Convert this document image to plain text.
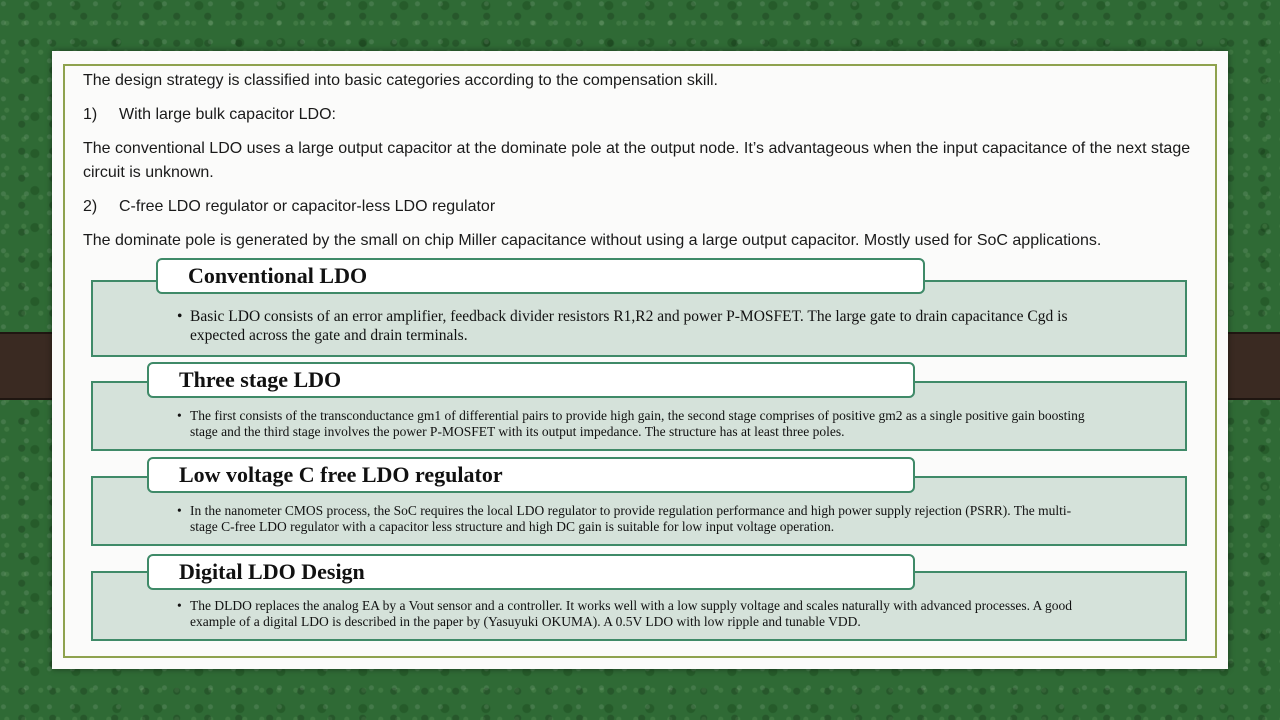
The design strategy is classified into basic categories according to the compensation skill.

1) With large bulk capacitor LDO:

The conventional LDO uses a large output capacitor at the dominate pole at the output node. It’s advantageous when the input capacitance of the next stage circuit is unknown.

2) C-free LDO regulator or capacitor-less LDO regulator

The dominate pole is generated by the small on chip Miller capacitance without using a large output capacitor. Mostly used for SoC applications.

• Basic LDO consists of an error amplifier, feedback divider resistors R1,R2 and power P-MOSFET. The large gate to drain capacitance Cgd is expected across the gate and drain terminals.
Conventional LDO
• The first consists of the transconductance gm1 of differential pairs to provide high gain, the second stage comprises of positive gm2 as a single positive gain boosting stage and the third stage involves the power P-MOSFET with its output impedance. The structure has at least three poles.
Three stage LDO
• In the nanometer CMOS process, the SoC requires the local LDO regulator to provide regulation performance and high power supply rejection (PSRR). The multi-stage C-free LDO regulator with a capacitor less structure and high DC gain is suitable for low input voltage operation.
Low voltage C free LDO regulator
• The DLDO replaces the analog EA by a Vout sensor and a controller. It works well with a low supply voltage and scales naturally with advanced processes. A good example of a digital LDO is described in the paper by (Yasuyuki OKUMA). A 0.5V LDO with low ripple and tunable VDD.
Digital LDO Design
